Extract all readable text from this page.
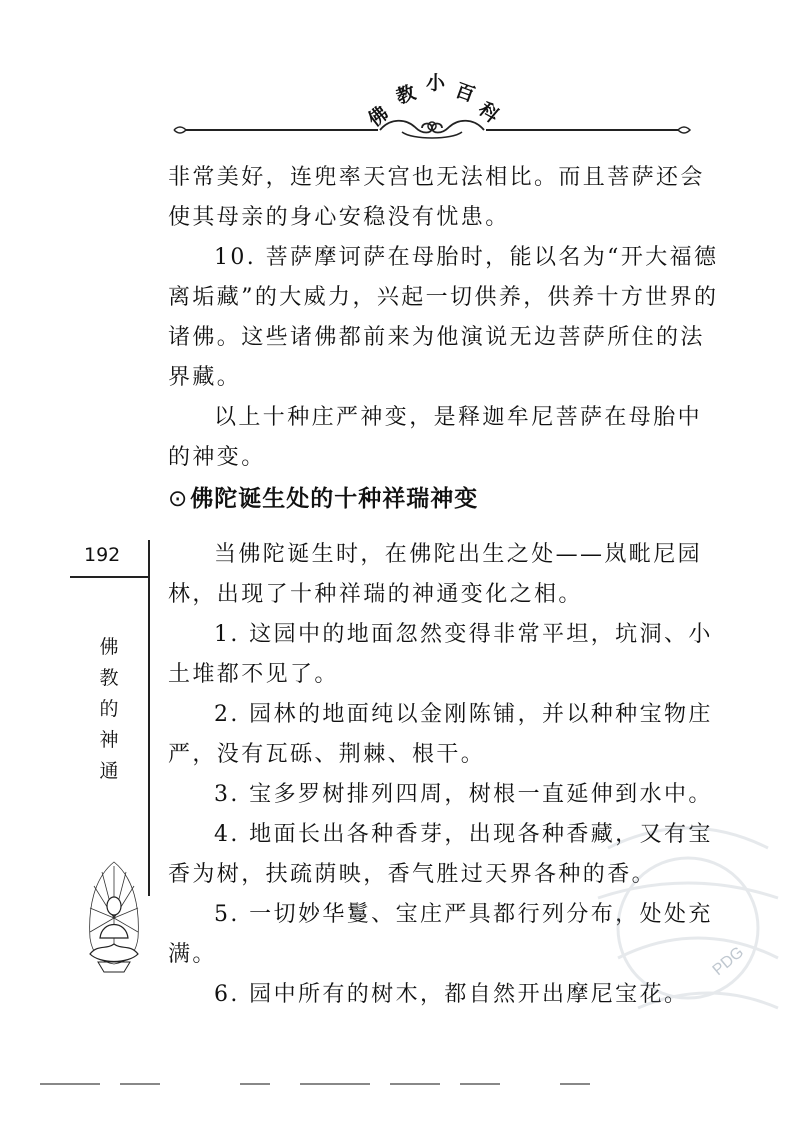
佛
教 小 百
科
非常美好，连兜率天宫也无法相比。而且菩萨还会
使其母亲的身心安稳没有忧患。
10. 菩萨摩诃萨在母胎时，能以名为“开大福德
离垢藏”的大威力，兴起一切供养，供养十方世界的
诸佛。这些诸佛都前来为他演说无边菩萨所住的法
界藏。
以上十种庄严神变，是释迦牟尼菩萨在母胎中
的神变。
⊙佛陀诞生处的十种祥瑞神变
当佛陀诞生时，在佛陀出生之处——岚毗尼园
林，出现了十种祥瑞的神通变化之相。
1. 这园中的地面忽然变得非常平坦，坑洞、小
土堆都不见了。
2. 园林的地面纯以金刚陈铺，并以种种宝物庄
严，没有瓦砾、荆棘、根干。
3. 宝多罗树排列四周，树根一直延伸到水中。
4. 地面长出各种香芽，出现各种香藏，又有宝
香为树，扶疏荫映，香气胜过天界各种的香。
5. 一切妙华鬘、宝庄严具都行列分布，处处充
满。
6. 园中所有的树木，都自然开出摩尼宝花。
192
佛
教
的
神
通
PDG
